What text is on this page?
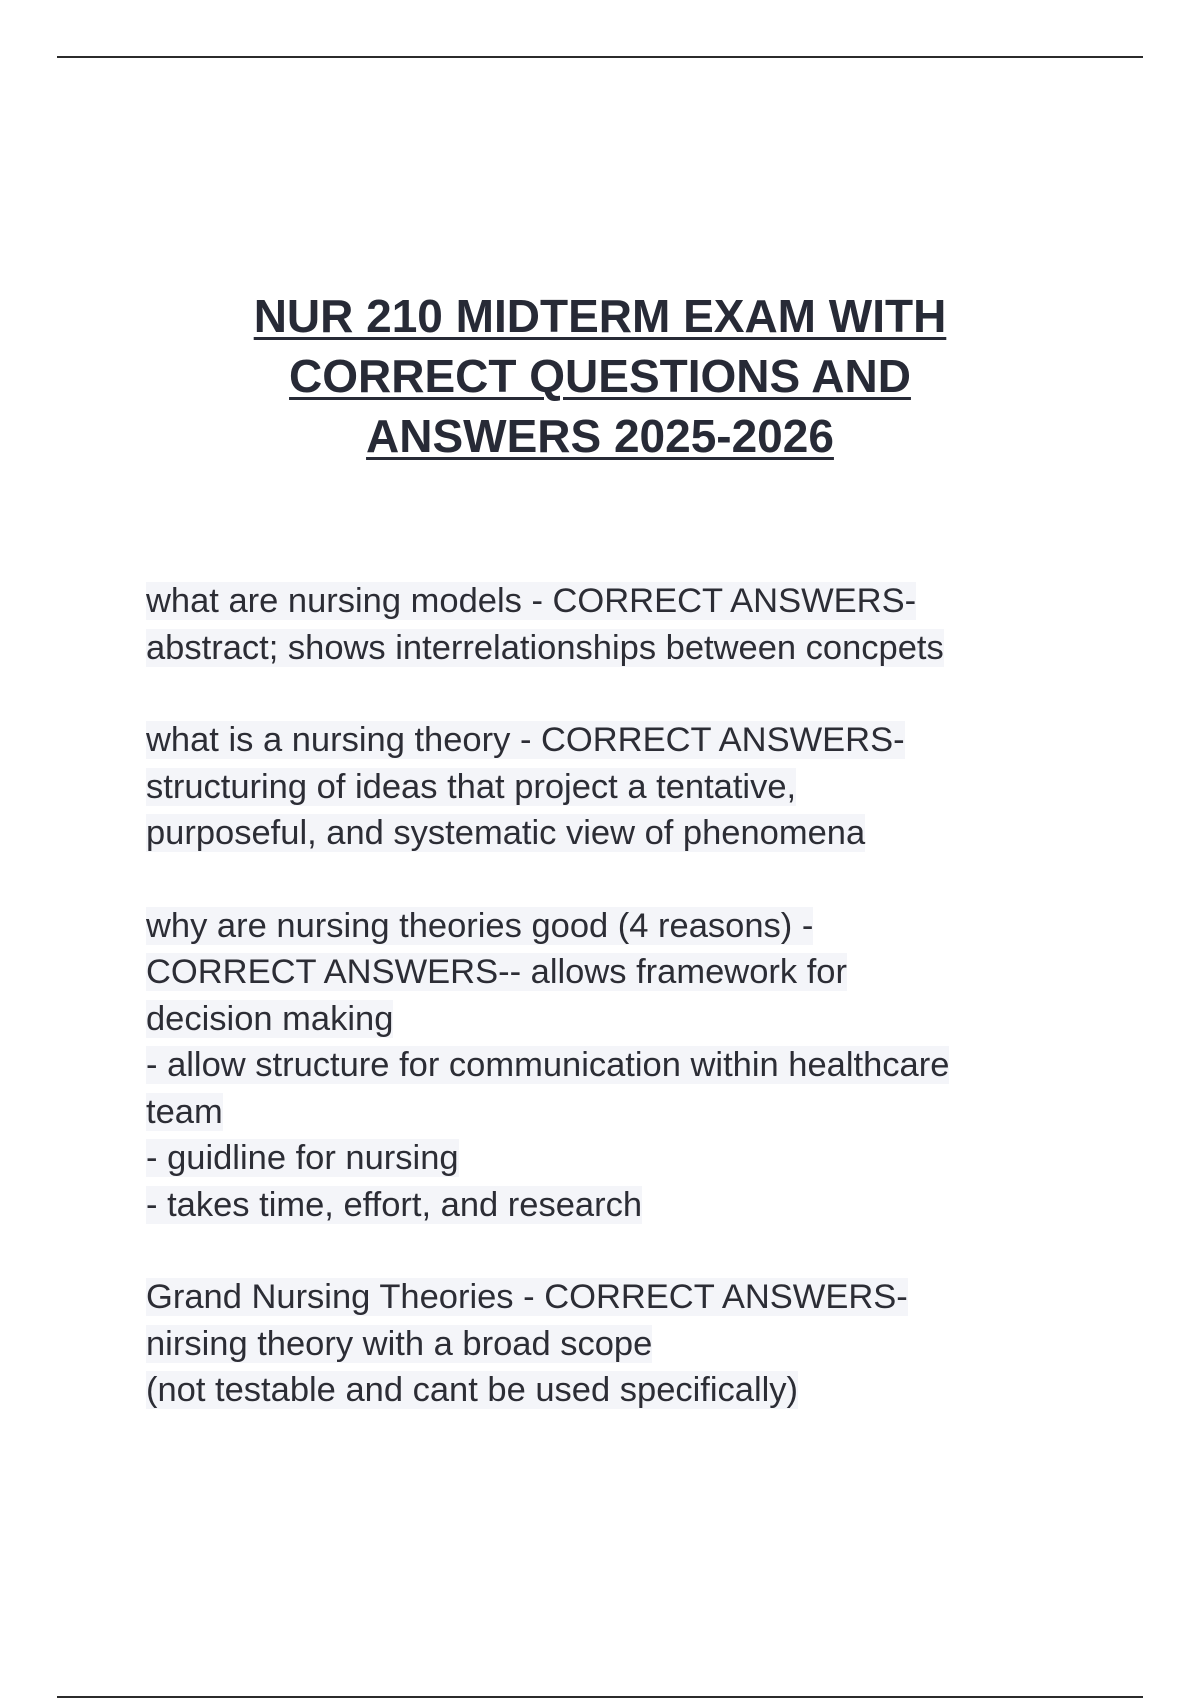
NUR 210 MIDTERM EXAM WITH
CORRECT QUESTIONS AND
ANSWERS 2025-2026

what are nursing models - CORRECT ANSWERS-
abstract; shows interrelationships between concpets

what is a nursing theory - CORRECT ANSWERS-
structuring of ideas that project a tentative,
purposeful, and systematic view of phenomena

why are nursing theories good (4 reasons) -
CORRECT ANSWERS-- allows framework for
decision making
- allow structure for communication within healthcare
team
- guidline for nursing
- takes time, effort, and research

Grand Nursing Theories - CORRECT ANSWERS-
nirsing theory with a broad scope
(not testable and cant be used specifically)
